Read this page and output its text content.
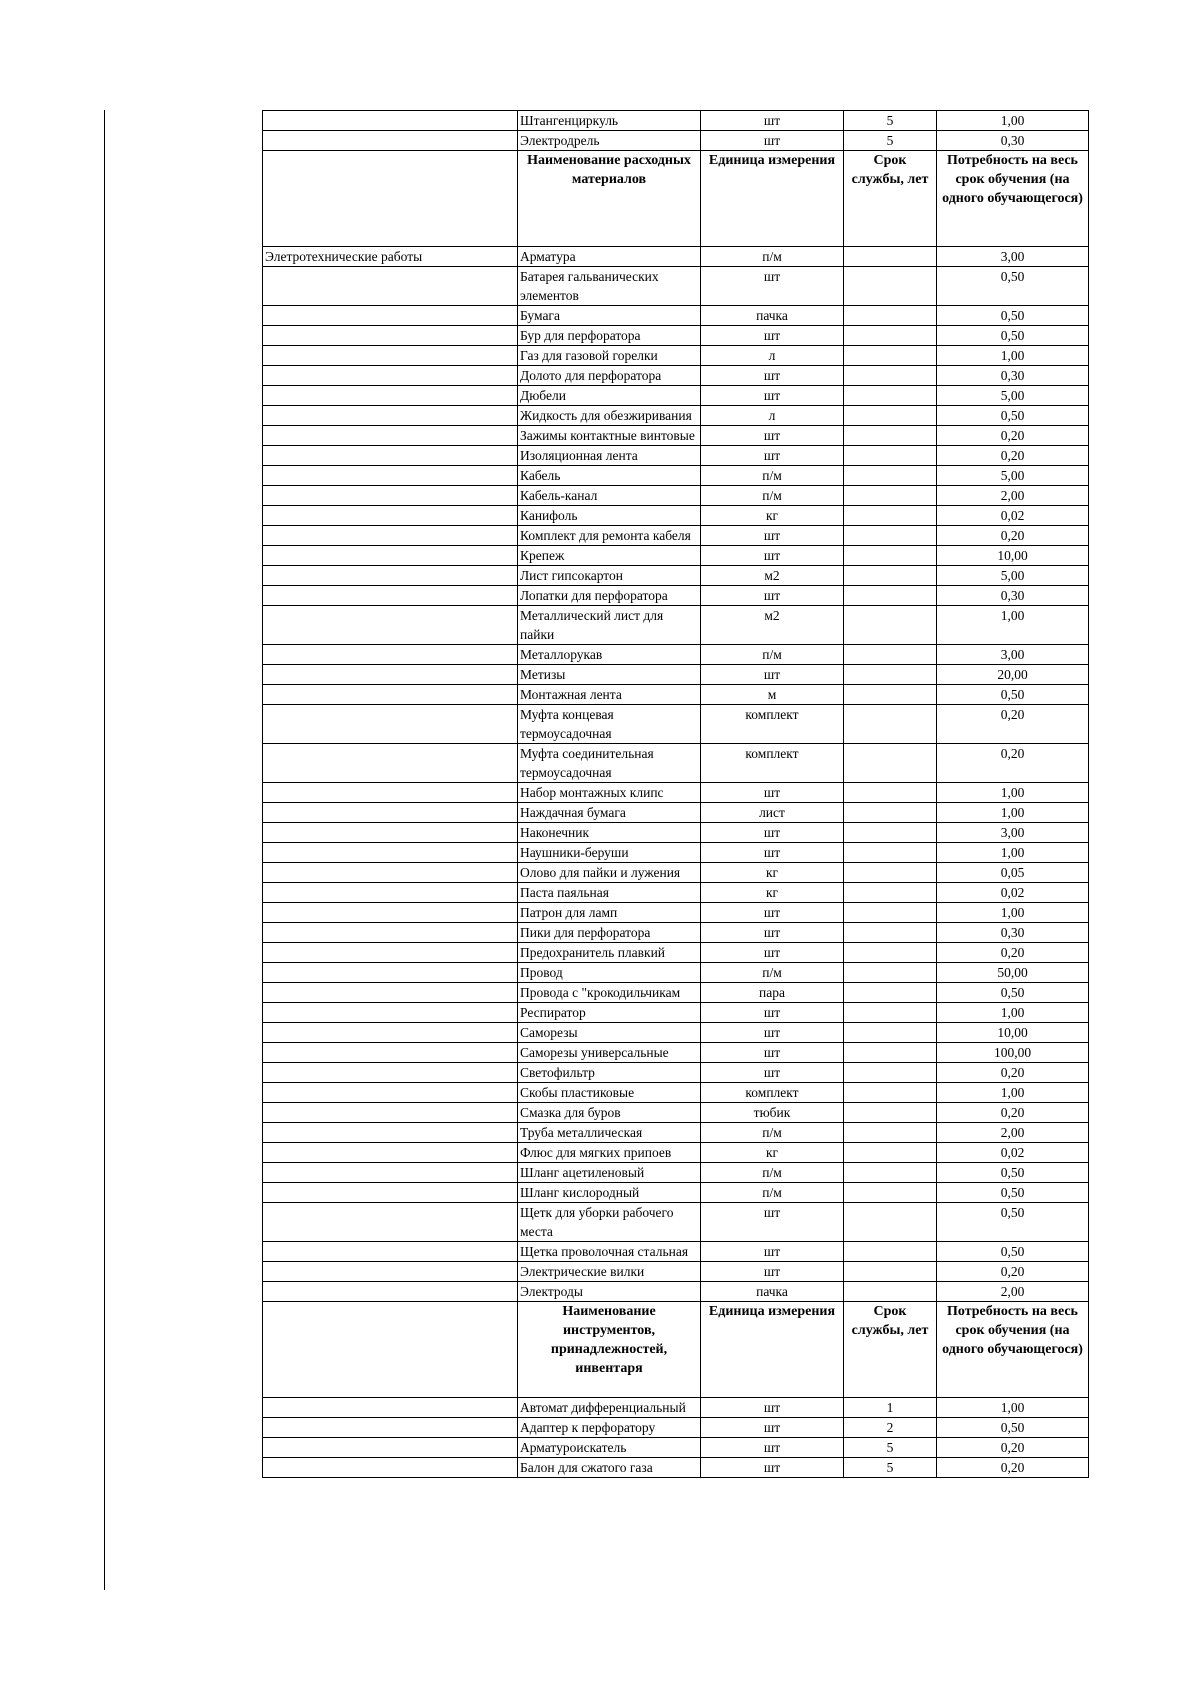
	Штангенциркуль	шт	5	1,00
	Электродрель	шт	5	0,30
	Наименование расходных материалов	Единица измерения	Срок службы, лет	Потребность на весь срок обучения (на одного обучающегося)
Элетротехнические работы	Арматура	п/м		3,00
	Батарея гальванических элементов	шт		0,50
	Бумага	пачка		0,50
	Бур для перфоратора	шт		0,50
	Газ для газовой горелки	л		1,00
	Долото для перфоратора	шт		0,30
	Дюбели	шт		5,00
	Жидкость для обезжиривания	л		0,50
	Зажимы контактные винтовые	шт		0,20
	Изоляционная лента	шт		0,20
	Кабель	п/м		5,00
	Кабель-канал	п/м		2,00
	Канифоль	кг		0,02
	Комплект для ремонта кабеля	шт		0,20
	Крепеж	шт		10,00
	Лист гипсокартон	м2		5,00
	Лопатки для перфоратора	шт		0,30
	Металлический лист для пайки	м2		1,00
	Металлорукав	п/м		3,00
	Метизы	шт		20,00
	Монтажная лента	м		0,50
	Муфта концевая термоусадочная	комплект		0,20
	Муфта соединительная термоусадочная	комплект		0,20
	Набор монтажных клипс	шт		1,00
	Наждачная бумага	лист		1,00
	Наконечник	шт		3,00
	Наушники-беруши	шт		1,00
	Олово для пайки и лужения	кг		0,05
	Паста паяльная	кг		0,02
	Патрон для ламп	шт		1,00
	Пики для перфоратора	шт		0,30
	Предохранитель плавкий	шт		0,20
	Провод	п/м		50,00
	Провода с "крокодильчикам	пара		0,50
	Респиратор	шт		1,00
	Саморезы	шт		10,00
	Саморезы универсальные	шт		100,00
	Светофильтр	шт		0,20
	Скобы пластиковые	комплект		1,00
	Смазка для буров	тюбик		0,20
	Труба металлическая	п/м		2,00
	Флюс для мягких припоев	кг		0,02
	Шланг ацетиленовый	п/м		0,50
	Шланг кислородный	п/м		0,50
	Щетк для уборки рабочего места	шт		0,50
	Щетка проволочная стальная	шт		0,50
	Электрические вилки	шт		0,20
	Электроды	пачка		2,00
	Наименование инструментов, принадлежностей, инвентаря	Единица измерения	Срок службы, лет	Потребность на весь срок обучения (на одного обучающегося)
	Автомат дифференциальный	шт	1	1,00
	Адаптер к перфоратору	шт	2	0,50
	Арматуроискатель	шт	5	0,20
	Балон для сжатого газа	шт	5	0,20
